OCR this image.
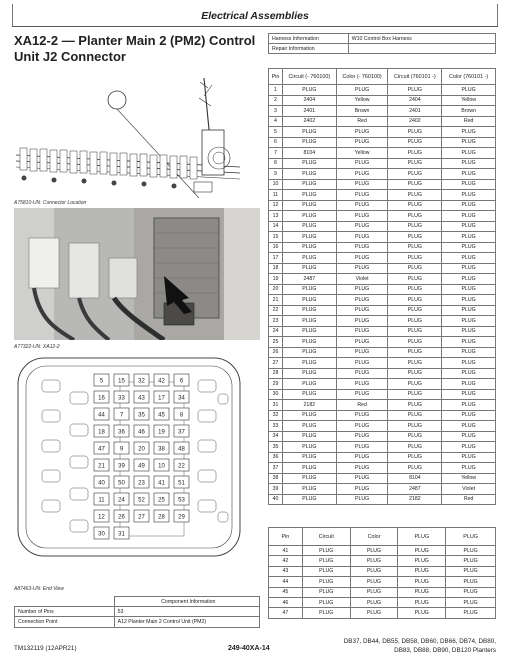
Electrical Assemblies
XA12-2 — Planter Main 2 (PM2) Control Unit J2 Connector
A75810-UN: Connector Location
A77322-UN: XA12-2
5 15 32 42 6
16 33 43 17 34
44 7 35 45 8
18 36 46 19 37
47 9 20 38 48
21 39 49 10 22
40 50 23 41 51
11 24 52 25 53
12 26 27 28 29
30 31
A87463-UN: End View
Harness Information	W10 Control Box Harness
Repair Information	
Pin	Circuit (- 760100)	Color (- 760100)	Circuit (760101 -)	Color (760101 -)
1	PLUG	PLUG	PLUG	PLUG
2	2404	Yellow	2404	Yellow
3	2401	Brown	2401	Brown
4	2402	Red	2402	Red
5	PLUG	PLUG	PLUG	PLUG
6	PLUG	PLUG	PLUG	PLUG
7	8104	Yellow	PLUG	PLUG
8	PLUG	PLUG	PLUG	PLUG
9	PLUG	PLUG	PLUG	PLUG
10	PLUG	PLUG	PLUG	PLUG
11	PLUG	PLUG	PLUG	PLUG
12	PLUG	PLUG	PLUG	PLUG
13	PLUG	PLUG	PLUG	PLUG
14	PLUG	PLUG	PLUG	PLUG
15	PLUG	PLUG	PLUG	PLUG
16	PLUG	PLUG	PLUG	PLUG
17	PLUG	PLUG	PLUG	PLUG
18	PLUG	PLUG	PLUG	PLUG
19	2487	Violet	PLUG	PLUG
20	PLUG	PLUG	PLUG	PLUG
21	PLUG	PLUG	PLUG	PLUG
22	PLUG	PLUG	PLUG	PLUG
23	PLUG	PLUG	PLUG	PLUG
24	PLUG	PLUG	PLUG	PLUG
25	PLUG	PLUG	PLUG	PLUG
26	PLUG	PLUG	PLUG	PLUG
27	PLUG	PLUG	PLUG	PLUG
28	PLUG	PLUG	PLUG	PLUG
29	PLUG	PLUG	PLUG	PLUG
30	PLUG	PLUG	PLUG	PLUG
31	2182	Red	PLUG	PLUG
32	PLUG	PLUG	PLUG	PLUG
33	PLUG	PLUG	PLUG	PLUG
34	PLUG	PLUG	PLUG	PLUG
35	PLUG	PLUG	PLUG	PLUG
36	PLUG	PLUG	PLUG	PLUG
37	PLUG	PLUG	PLUG	PLUG
38	PLUG	PLUG	8104	Yellow
39	PLUG	PLUG	2487	Violet
40	PLUG	PLUG	2182	Red
Pin	Circuit	Color	PLUG	PLUG
41	PLUG	PLUG	PLUG	PLUG
42	PLUG	PLUG	PLUG	PLUG
43	PLUG	PLUG	PLUG	PLUG
44	PLUG	PLUG	PLUG	PLUG
45	PLUG	PLUG	PLUG	PLUG
46	PLUG	PLUG	PLUG	PLUG
47	PLUG	PLUG	PLUG	PLUG
	Component Information
Number of Pins	53
Connection Point	A12 Planter Main 2 Control Unit (PM2)
TM132119 (12APR21)	249-40XA-14
DB37, DB44, DB55, DB58, DB60, DB66, DB74, DB80,
DB83, DB88, DB90, DB120 Planters
